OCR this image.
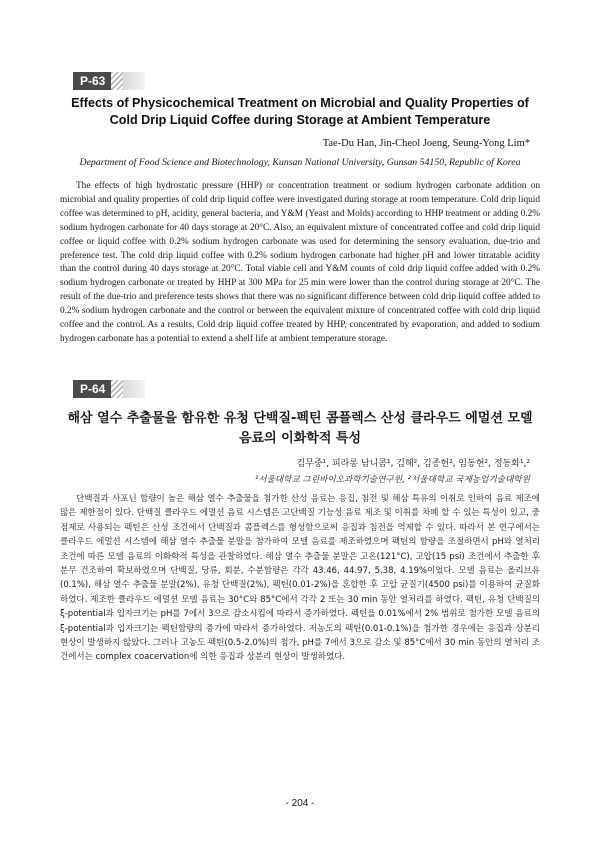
P-63
Effects of Physicochemical Treatment on Microbial and Quality Properties of Cold Drip Liquid Coffee during Storage at Ambient Temperature
Tae-Du Han, Jin-Cheol Joeng, Seung-Yong Lim*
Department of Food Science and Biotechnology, Kunsan National University, Gunsan 54150, Republic of Korea

The effects of high hydrostatic pressure (HHP) or concentration treatment or sodium hydrogen carbonate addition on microbial and quality properties of cold drip liquid coffee were investigated during storage at room temperature. Cold drip liquid coffee was determined to pH, acidity, general bacteria, and Y&M (Yeast and Molds) according to HHP treatment or adding 0.2% sodium hydrogen carbonate for 40 days storage at 20°C. Also, an equivalent mixture of concentrated coffee and cold drip liquid coffee or liquid coffee with 0.2% sodium hydrogen carbonate was used for determining the sensory evaluation, due-trio and preference test. The cold drip liquid coffee with 0.2% sodium hydrogen carbonate had higher pH and lower titratable acidity than the control during 40 days storage at 20°C. Total viable cell and Y&M counts of cold drip liquid coffee added with 0.2% sodium hydrogen carbonate or treated by HHP at 300 MPa for 25 min were lower than the control during storage at 20°C. The result of the due-trio and preference tests shows that there was no significant difference between cold drip liquid coffee added to 0.2% sodium hydrogen carbonate and the control or between the equivalent mixture of concentrated coffee with cold drip liquid coffee and the control. As a results, Cold drip liquid coffee treated by HHP, concentrated by evaporation, and added to sodium hydrogen carbonate has a potential to extend a shelf life at ambient temperature storage.

P-64
해삼 열수 추출물을 함유한 유청 단백질-펙틴 콤플렉스 산성 클라우드 에멀션 모델 음료의 이화학적 특성
김무중¹, 피라롱 남니콤¹, 김해², 김종헌², 임동현², 정동화¹,²
¹서울대학교 그린바이오과학기술연구원, ²서울대학교 국제농업기술대학원

단백질과 사포닌 함량이 높은 해삼 열수 추출물을 첨가한 산성 음료는 응집, 침전 및 해삼 특유의 이취로 인하여 음료 제조에 많은 제한점이 있다. 단백질 클라우드 에멀션 음료 시스템은 고단백질 기능성 음료 제조 및 이취를 차폐 할 수 있는 특성이 있고, 중점제로 사용되는 펙틴은 산성 조건에서 단백질과 콤플렉스를 형성함으로써 응집과 침전을 억제할 수 있다. 따라서 본 연구에서는 클라우드 에멀션 시스템에 해삼 열수 추출물 분말을 첨가하여 모델 음료를 제조하였으며 펙틴의 함량을 조절하면서 pH와 열처리 조건에 따른 모델 음료의 이화학적 특성을 관찰하였다. 해삼 열수 추출물 분말은 고온(121°C), 고압(15 psi) 조건에서 추출한 후 분무 건조하여 확보하였으며 단백질, 당류, 회분, 수분함량은 각각 43.46, 44.97, 5.38, 4.19%이었다. 모델 음료는 올리브유(0.1%), 해삼 열수 추출물 분말(2%), 유청 단백질(2%), 펙틴(0.01-2%)을 혼합한 후 고압 균질기(4500 psi)를 이용하여 균질화하였다. 제조한 클라우드 에멀션 모델 음료는 30°C와 85°C에서 각각 2 또는 30 min 동안 열처리를 하였다. 펙틴, 유청 단백질의 ξ-potential과 입자크기는 pH를 7에서 3으로 감소시킴에 따라서 증가하였다. 펙틴을 0.01%에서 2% 범위로 첨가한 모델 음료의 ξ-potential과 입자크기는 펙틴함량의 증가에 따라서 증가하였다. 저농도의 펙틴(0.01-0.1%)을 첨가한 경우에는 응집과 상분리 현상이 발생하지 않았다. 그러나 고농도 펙틴(0.5-2.0%)의 첨가, pH를 7에서 3으로 감소 및 85°C에서 30 min 동안의 열처리 조건에서는 complex coacervation에 의한 응집과 상분리 현상이 발생하였다.

- 204 -
